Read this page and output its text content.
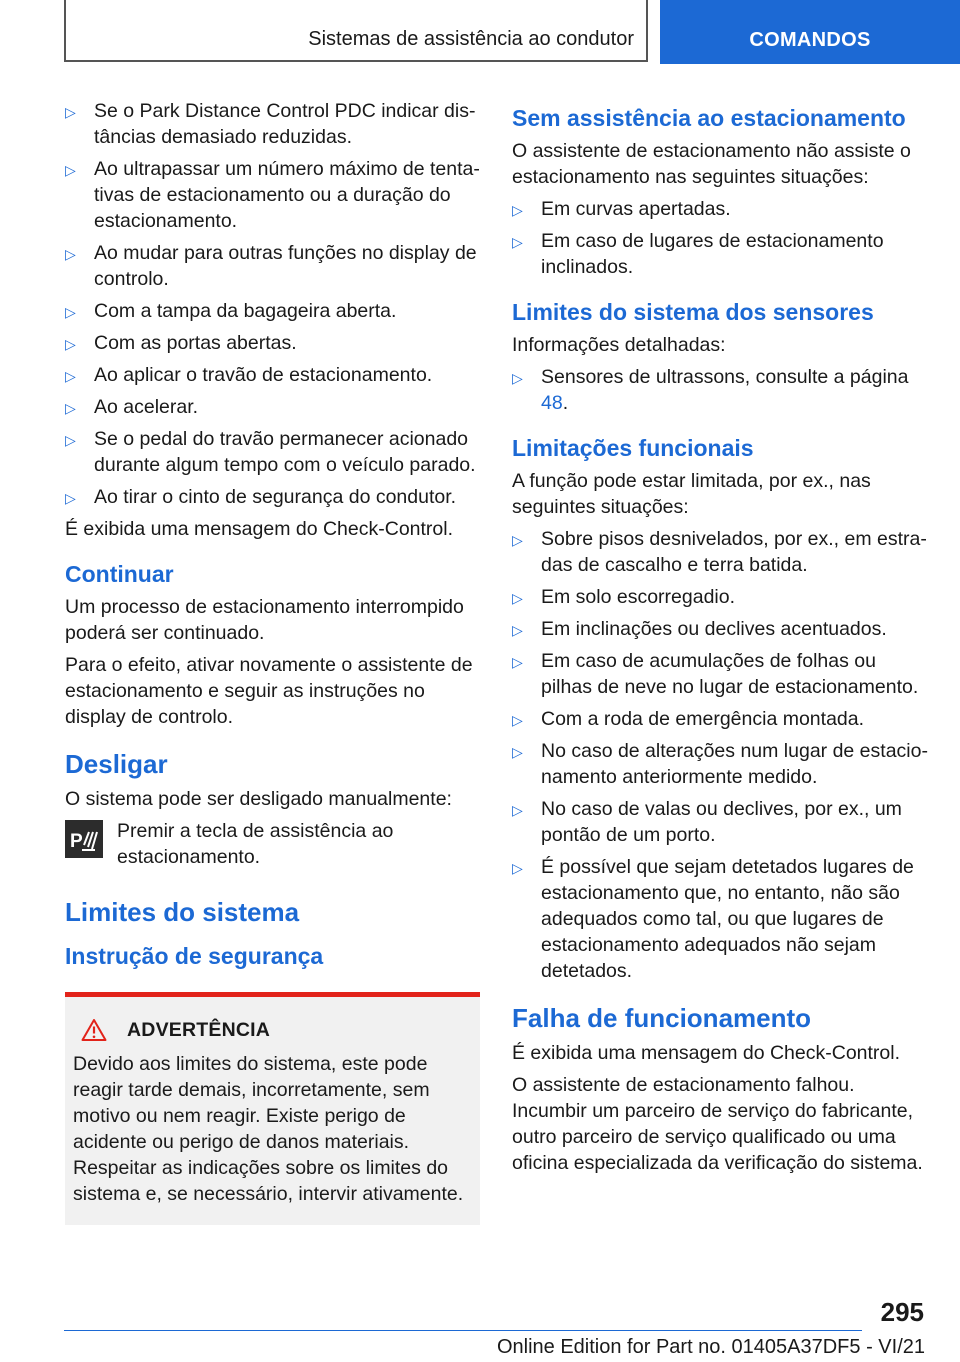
Sistemas de assistência ao condutor	COMANDOS
▷ Se o Park Distance Control PDC indicar distâncias demasiado reduzidas.
▷ Ao ultrapassar um número máximo de tentativas de estacionamento ou a duração do estacionamento.
▷ Ao mudar para outras funções no display de controlo.
▷ Com a tampa da bagageira aberta.
▷ Com as portas abertas.
▷ Ao aplicar o travão de estacionamento.
▷ Ao acelerar.
▷ Se o pedal do travão permanecer acionado durante algum tempo com o veículo parado.
▷ Ao tirar o cinto de segurança do condutor.

É exibida uma mensagem do Check-Control.

Continuar

Um processo de estacionamento interrompido poderá ser continuado.

Para o efeito, ativar novamente o assistente de estacionamento e seguir as instruções no display de controlo.

Desligar

O sistema pode ser desligado manualmente:

P	Premir a tecla de assistência ao estacionamento.
Limites do sistema
Instrução de segurança
ADVERTÊNCIA

Devido aos limites do sistema, este pode reagir tarde demais, incorretamente, sem motivo ou nem reagir. Existe perigo de acidente ou perigo de danos materiais. Respeitar as indicações sobre os limites do sistema e, se necessário, intervir ativamente.

Sem assistência ao estacionamento

O assistente de estacionamento não assiste o estacionamento nas seguintes situações:

▷ Em curvas apertadas.
▷ Em caso de lugares de estacionamento inclinados.
Limites do sistema dos sensores

Informações detalhadas:

▷ Sensores de ultrassons, consulte a página 48.
Limitações funcionais

A função pode estar limitada, por ex., nas seguintes situações:

▷ Sobre pisos desnivelados, por ex., em estradas de cascalho e terra batida.
▷ Em solo escorregadio.
▷ Em inclinações ou declives acentuados.
▷ Em caso de acumulações de folhas ou pilhas de neve no lugar de estacionamento.
▷ Com a roda de emergência montada.
▷ No caso de alterações num lugar de estacionamento anteriormente medido.
▷ No caso de valas ou declives, por ex., um pontão de um porto.
▷ É possível que sejam detetados lugares de estacionamento que, no entanto, não são adequados como tal, ou que lugares de estacionamento adequados não sejam detetados.
Falha de funcionamento

É exibida uma mensagem do Check-Control.

O assistente de estacionamento falhou. Incumbir um parceiro de serviço do fabricante, outro parceiro de serviço qualificado ou uma oficina especializada da verificação do sistema.

295
Online Edition for Part no. 01405A37DF5 - VI/21
